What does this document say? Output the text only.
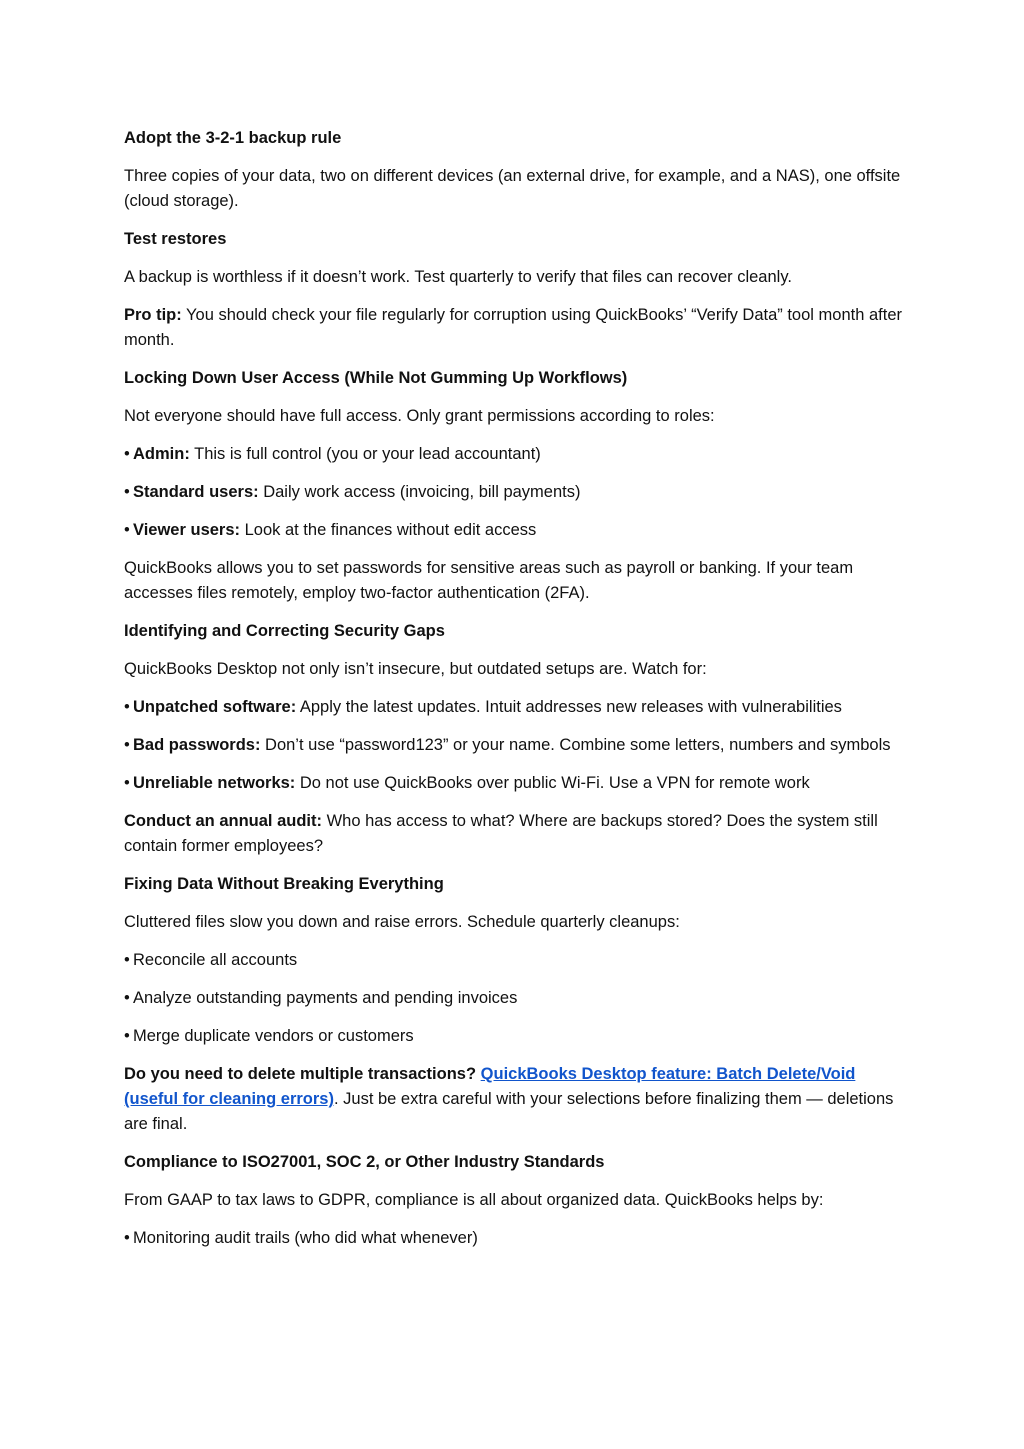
Adopt the 3-2-1 backup rule
Three copies of your data, two on different devices (an external drive, for example, and a NAS), one offsite (cloud storage).
Test restores
A backup is worthless if it doesn’t work. Test quarterly to verify that files can recover cleanly.
Pro tip: You should check your file regularly for corruption using QuickBooks’ “Verify Data” tool month after month.
Locking Down User Access (While Not Gumming Up Workflows)
Not everyone should have full access. Only grant permissions according to roles:
• Admin: This is full control (you or your lead accountant)
• Standard users: Daily work access (invoicing, bill payments)
• Viewer users: Look at the finances without edit access
QuickBooks allows you to set passwords for sensitive areas such as payroll or banking. If your team accesses files remotely, employ two-factor authentication (2FA).
Identifying and Correcting Security Gaps
QuickBooks Desktop not only isn’t insecure, but outdated setups are. Watch for:
• Unpatched software: Apply the latest updates. Intuit addresses new releases with vulnerabilities
• Bad passwords: Don’t use “password123” or your name. Combine some letters, numbers and symbols
• Unreliable networks: Do not use QuickBooks over public Wi-Fi. Use a VPN for remote work
Conduct an annual audit: Who has access to what? Where are backups stored? Does the system still contain former employees?
Fixing Data Without Breaking Everything
Cluttered files slow you down and raise errors. Schedule quarterly cleanups:
• Reconcile all accounts
• Analyze outstanding payments and pending invoices
• Merge duplicate vendors or customers
Do you need to delete multiple transactions? QuickBooks Desktop feature: Batch Delete/Void (useful for cleaning errors). Just be extra careful with your selections before finalizing them — deletions are final.
Compliance to ISO27001, SOC 2, or Other Industry Standards
From GAAP to tax laws to GDPR, compliance is all about organized data. QuickBooks helps by:
• Monitoring audit trails (who did what whenever)
